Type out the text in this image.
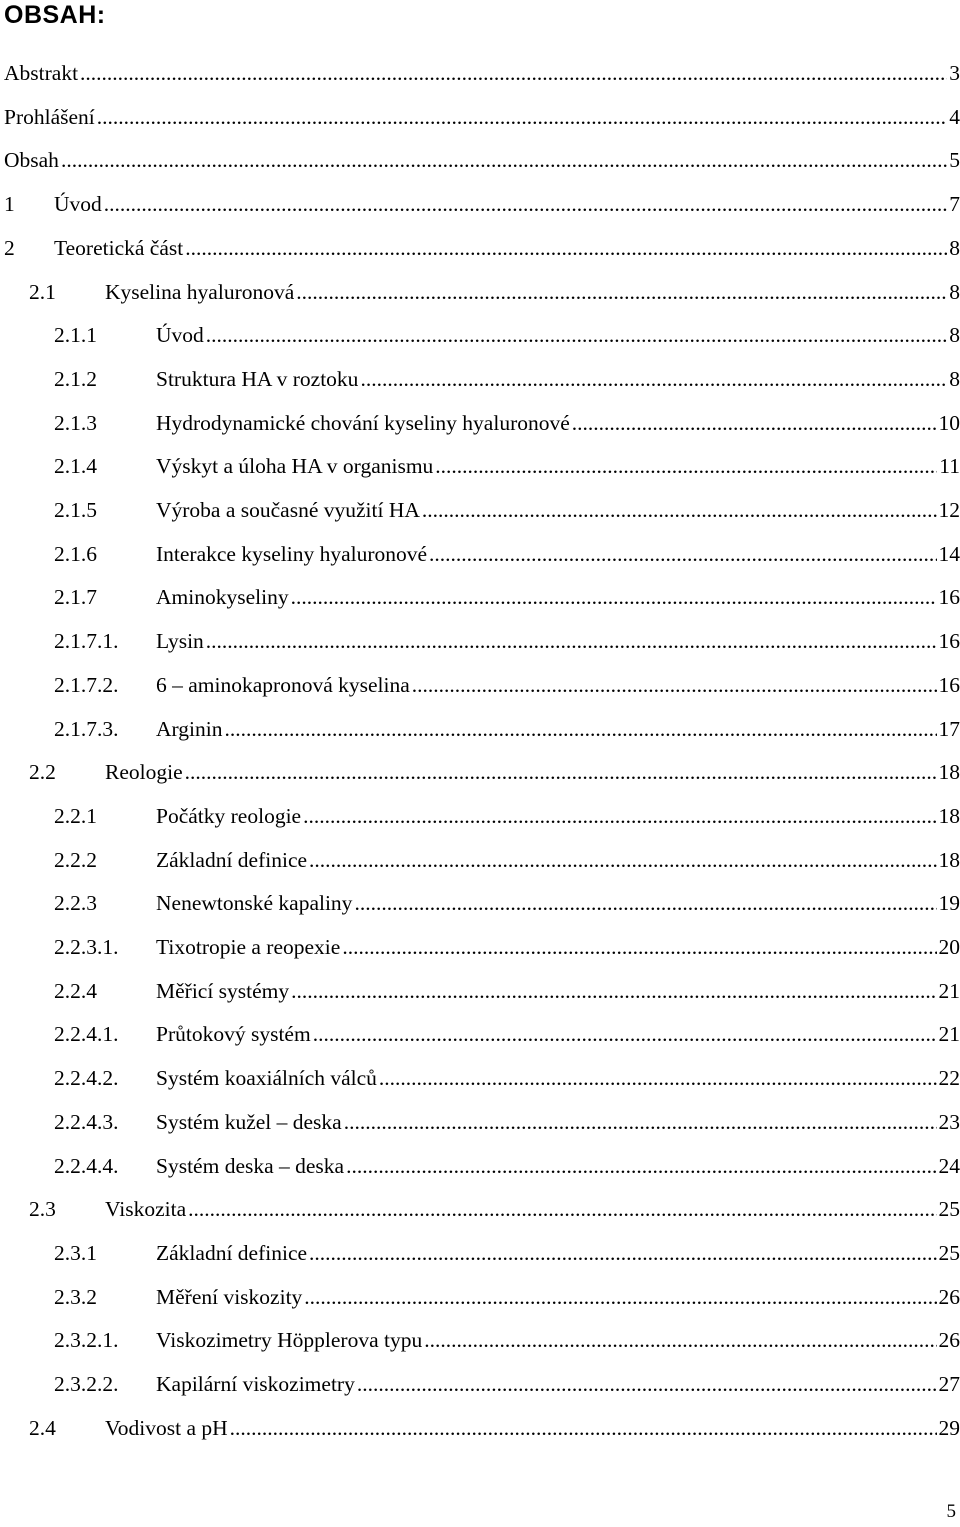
OBSAH:
Abstrakt .....	3
Prohlášení .....	4
Obsah .....	5
1	Úvod .....	7
2	Teoretická část .....	8
2.1	Kyselina hyaluronová .....	8
2.1.1	Úvod .....	8
2.1.2	Struktura HA v roztoku .....	8
2.1.3	Hydrodynamické chování kyseliny hyaluronové .....	10
2.1.4	Výskyt a úloha HA v organismu .....	11
2.1.5	Výroba a současné využití HA .....	12
2.1.6	Interakce kyseliny hyaluronové .....	14
2.1.7	Aminokyseliny .....	16
2.1.7.1.	Lysin .....	16
2.1.7.2.	6 – aminokapronová kyselina .....	16
2.1.7.3.	Arginin .....	17
2.2	Reologie .....	18
2.2.1	Počátky reologie .....	18
2.2.2	Základní definice .....	18
2.2.3	Nenewtonské kapaliny .....	19
2.2.3.1.	Tixotropie a reopexie .....	20
2.2.4	Měřicí systémy .....	21
2.2.4.1.	Průtokový systém .....	21
2.2.4.2.	Systém koaxiálních válců .....	22
2.2.4.3.	Systém kužel – deska .....	23
2.2.4.4.	Systém deska – deska .....	24
2.3	Viskozita .....	25
2.3.1	Základní definice .....	25
2.3.2	Měření viskozity .....	26
2.3.2.1.	Viskozimetry Höpplerova typu .....	26
2.3.2.2.	Kapilární viskozimetry .....	27
2.4	Vodivost a pH .....	29
5
